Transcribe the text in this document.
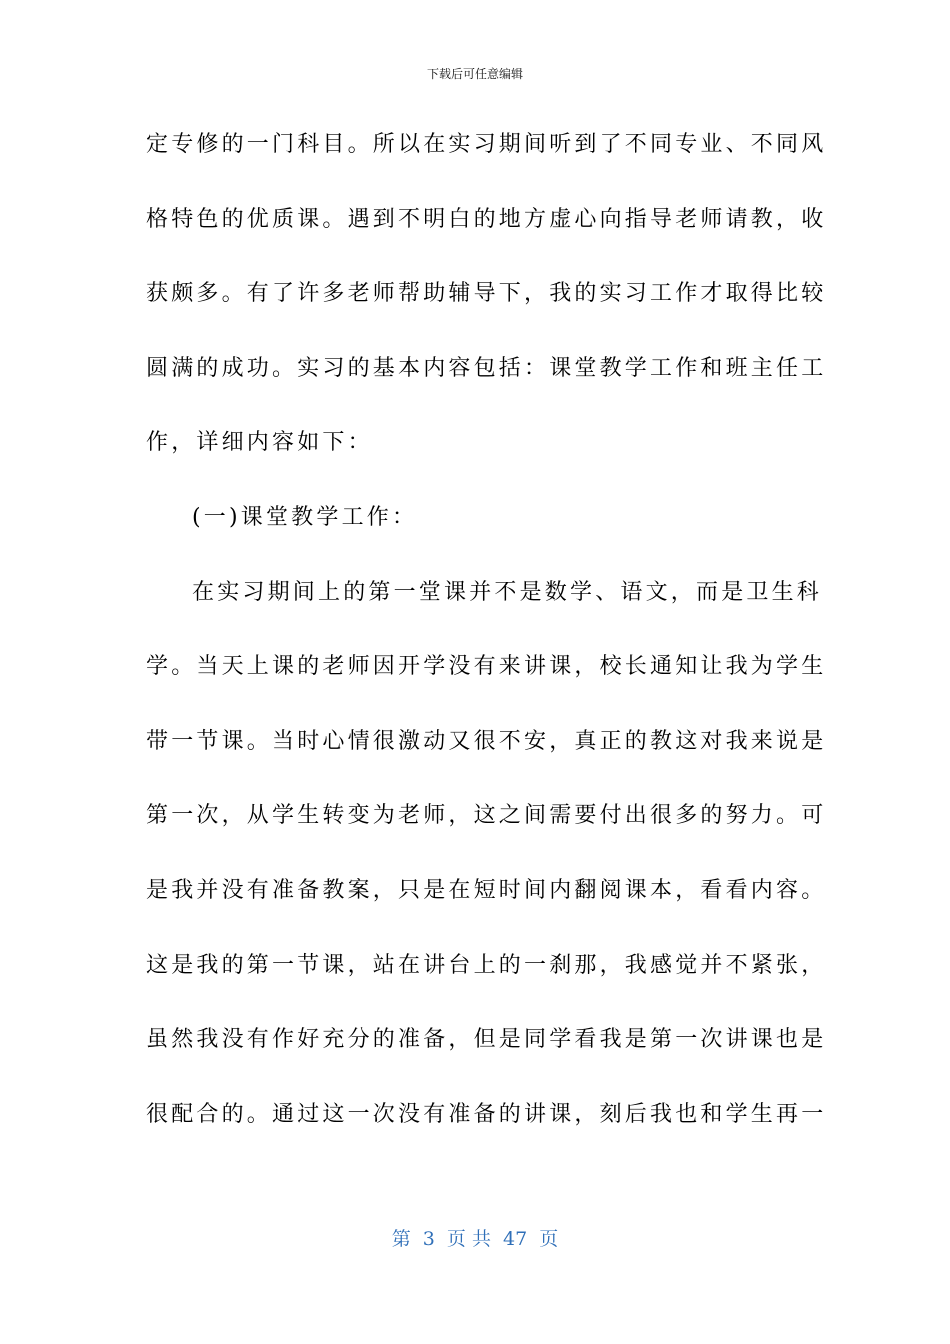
下载后可任意编辑
定专修的一门科目。所以在实习期间听到了不同专业、不同风
格特色的优质课。遇到不明白的地方虚心向指导老师请教，收
获颇多。有了许多老师帮助辅导下，我的实习工作才取得比较
圆满的成功。实习的基本内容包括：课堂教学工作和班主任工
作，详细内容如下：
(一)课堂教学工作：
在实习期间上的第一堂课并不是数学、语文，而是卫生科
学。当天上课的老师因开学没有来讲课，校长通知让我为学生
带一节课。当时心情很激动又很不安，真正的教这对我来说是
第一次，从学生转变为老师，这之间需要付出很多的努力。可
是我并没有准备教案，只是在短时间内翻阅课本，看看内容。
这是我的第一节课，站在讲台上的一刹那，我感觉并不紧张，
虽然我没有作好充分的准备，但是同学看我是第一次讲课也是
很配合的。通过这一次没有准备的讲课，刻后我也和学生再一
第 3 页 共 47 页
